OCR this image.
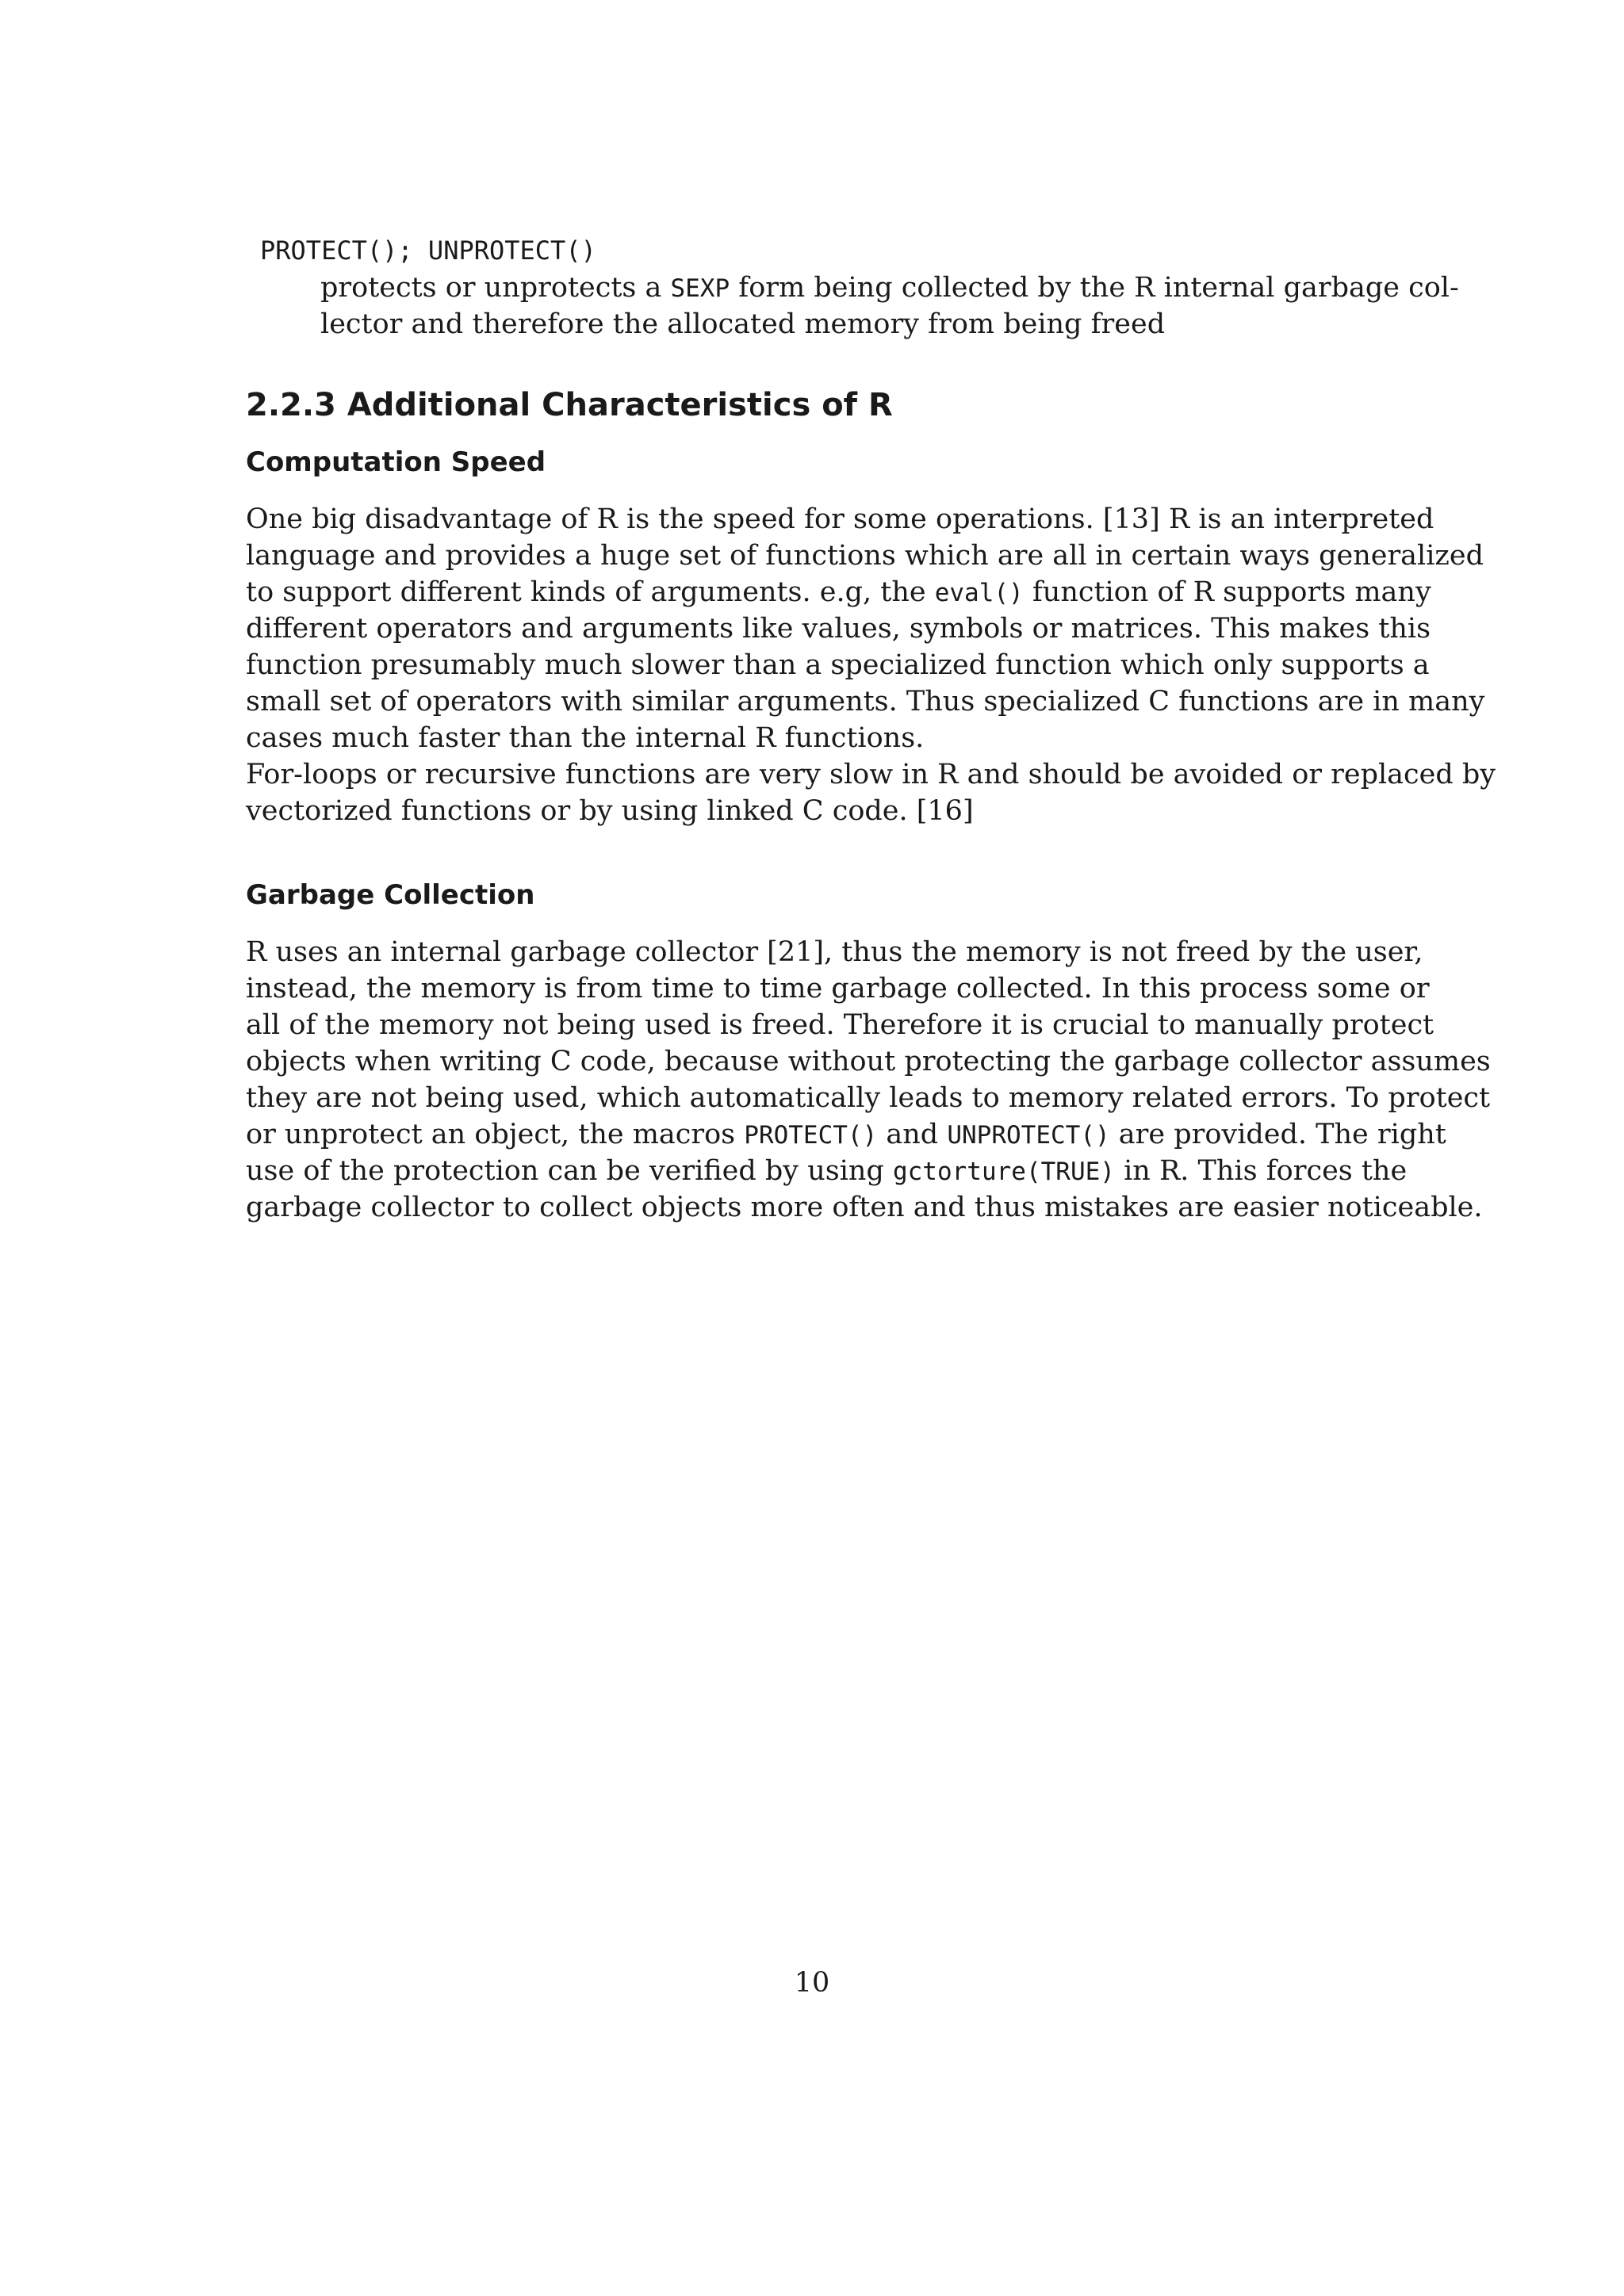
PROTECT(); UNPROTECT()
protects or unprotects a SEXP form being collected by the R internal garbage col-
lector and therefore the allocated memory from being freed
2.2.3 Additional Characteristics of R
Computation Speed
One big disadvantage of R is the speed for some operations. [13] R is an interpreted
language and provides a huge set of functions which are all in certain ways generalized
to support different kinds of arguments. e.g, the eval() function of R supports many
different operators and arguments like values, symbols or matrices. This makes this
function presumably much slower than a specialized function which only supports a
small set of operators with similar arguments. Thus specialized C functions are in many
cases much faster than the internal R functions.
For-loops or recursive functions are very slow in R and should be avoided or replaced by
vectorized functions or by using linked C code. [16]
Garbage Collection
R uses an internal garbage collector [21], thus the memory is not freed by the user,
instead, the memory is from time to time garbage collected. In this process some or
all of the memory not being used is freed. Therefore it is crucial to manually protect
objects when writing C code, because without protecting the garbage collector assumes
they are not being used, which automatically leads to memory related errors. To protect
or unprotect an object, the macros PROTECT() and UNPROTECT() are provided. The right
use of the protection can be verified by using gctorture(TRUE) in R. This forces the
garbage collector to collect objects more often and thus mistakes are easier noticeable.
10
